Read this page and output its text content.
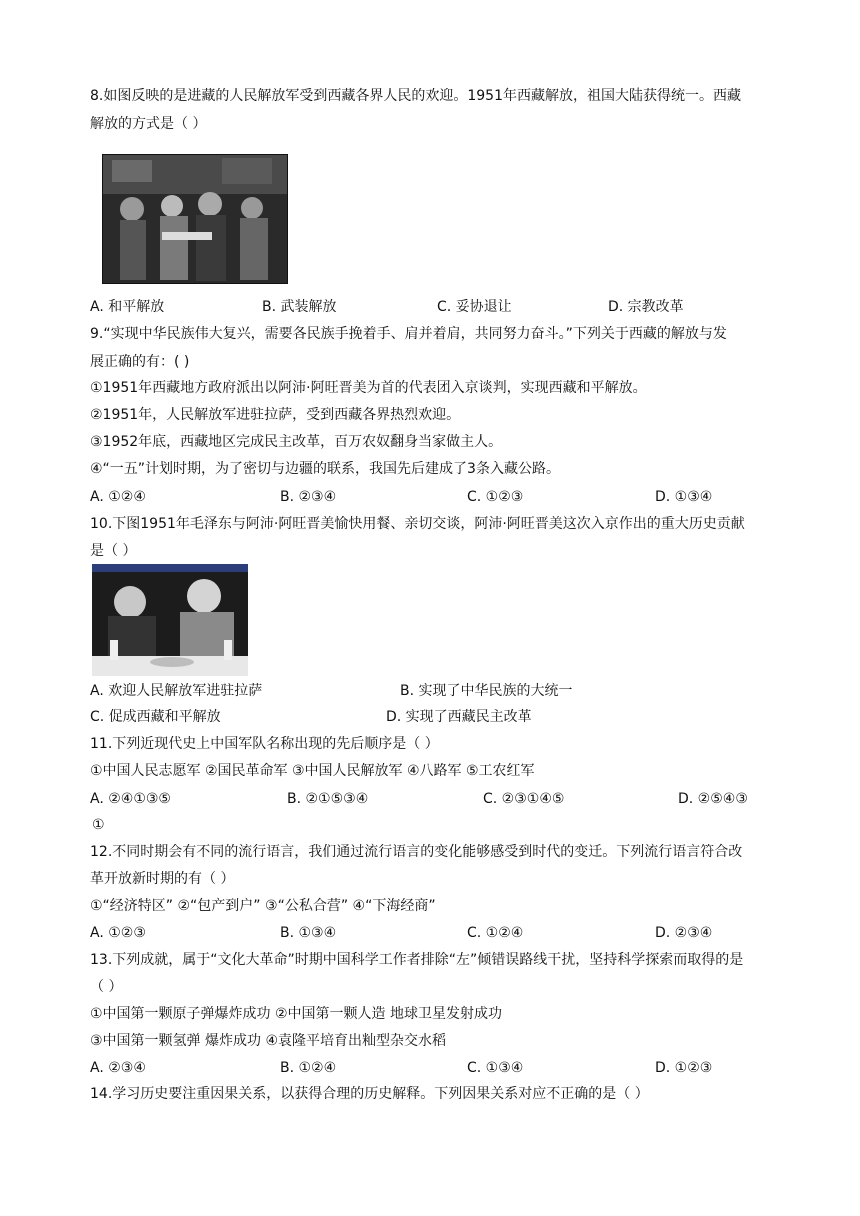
8.如图反映的是进藏的人民解放军受到西藏各界人民的欢迎。1951年西藏解放，祖国大陆获得统一。西藏
解放的方式是（ ）
A. 和平解放	B. 武装解放	C. 妥协退让	D. 宗教改革
9.“实现中华民族伟大复兴，需要各民族手挽着手、肩并着肩，共同努力奋斗。”下列关于西藏的解放与发
展正确的有：( )
①1951年西藏地方政府派出以阿沛·阿旺晋美为首的代表团入京谈判，实现西藏和平解放。
②1951年，人民解放军进驻拉萨，受到西藏各界热烈欢迎。
③1952年底，西藏地区完成民主改革，百万农奴翻身当家做主人。
④“一五”计划时期，为了密切与边疆的联系，我国先后建成了3条入藏公路。
A. ①②④	B. ②③④	C. ①②③	D. ①③④
10.下图1951年毛泽东与阿沛·阿旺晋美愉快用餐、亲切交谈，阿沛·阿旺晋美这次入京作出的重大历史贡献
是（ ）
A. 欢迎人民解放军进驻拉萨	B. 实现了中华民族的大统一
C. 促成西藏和平解放	D. 实现了西藏民主改革
11.下列近现代史上中国军队名称出现的先后顺序是（ ）
①中国人民志愿军 ②国民革命军 ③中国人民解放军 ④八路军 ⑤工农红军
A. ②④①③⑤	B. ②①⑤③④	C. ②③①④⑤	D. ②⑤④③
①
12.不同时期会有不同的流行语言，我们通过流行语言的变化能够感受到时代的变迁。下列流行语言符合改
革开放新时期的有（ ）
①“经济特区” ②“包产到户” ③“公私合营” ④“下海经商”
A. ①②③	B. ①③④	C. ①②④	D. ②③④
13.下列成就，属于“文化大革命”时期中国科学工作者排除“左”倾错误路线干扰，坚持科学探索而取得的是
（ ）
①中国第一颗原子弹爆炸成功 ②中国第一颗人造 地球卫星发射成功
③中国第一颗氢弹 爆炸成功 ④袁隆平培育出籼型杂交水稻
A. ②③④	B. ①②④	C. ①③④	D. ①②③
14.学习历史要注重因果关系，以获得合理的历史解释。下列因果关系对应不正确的是（ ）
